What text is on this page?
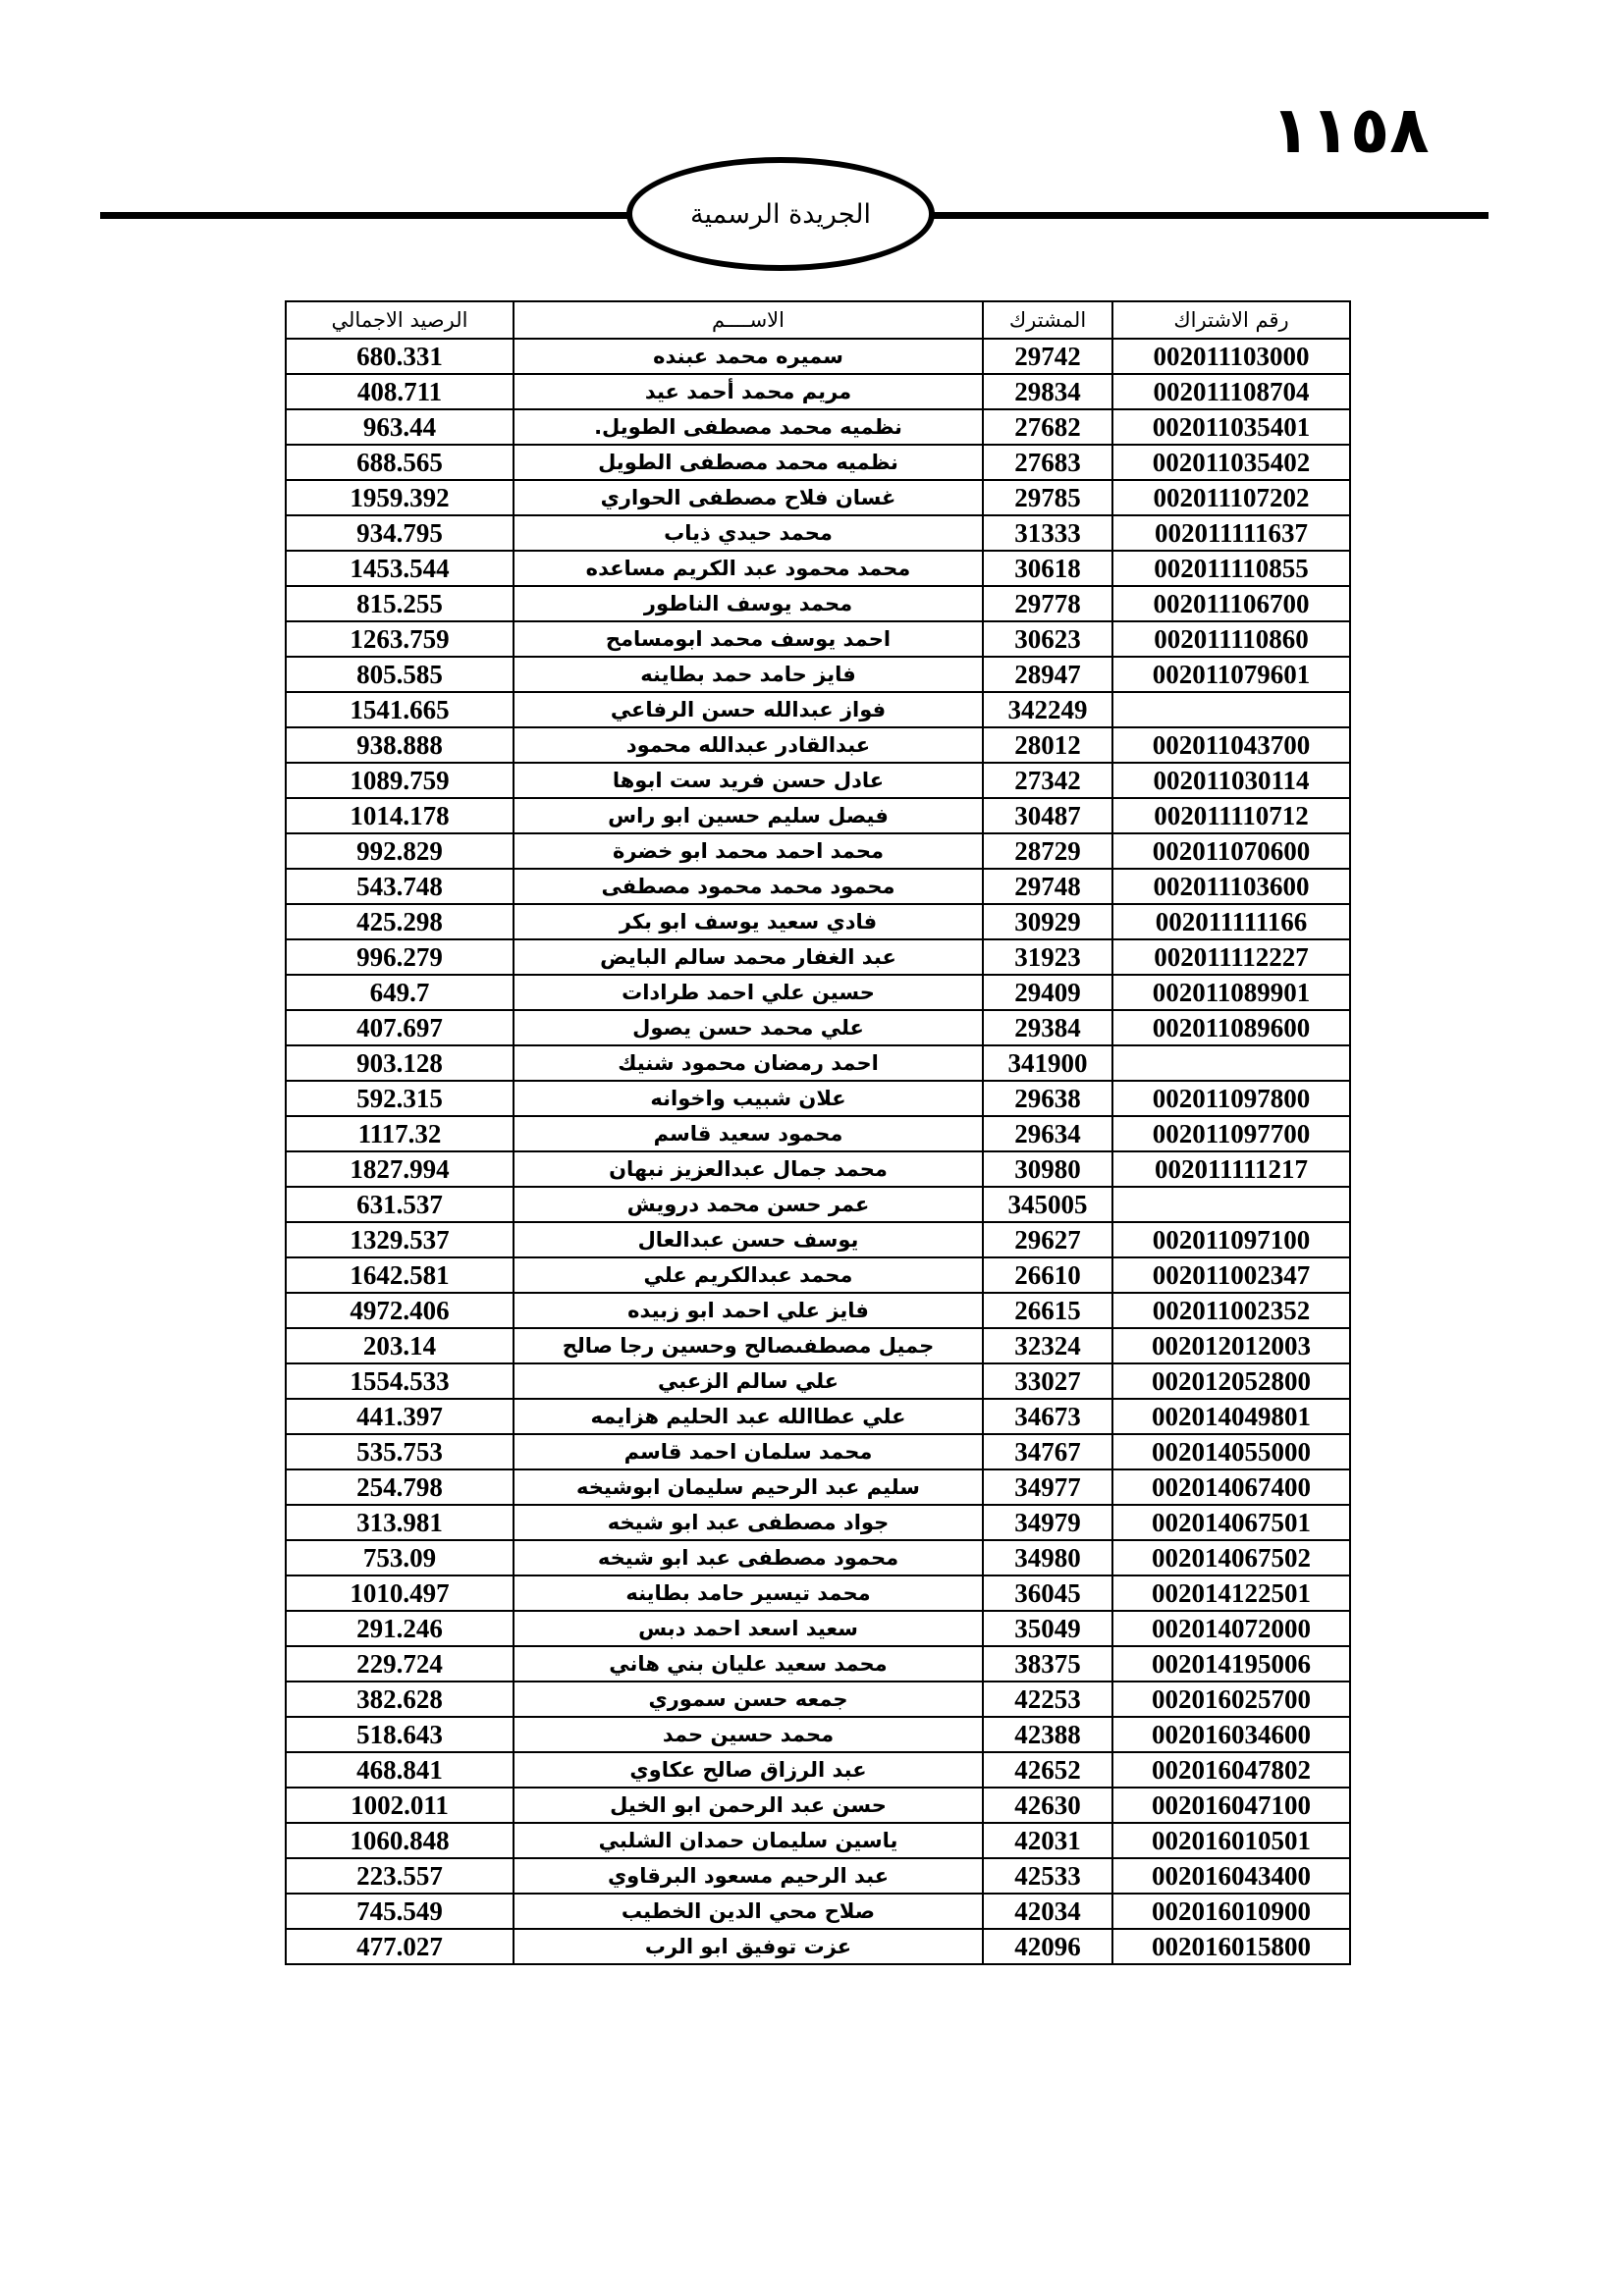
١١٥٨
الجريدة الرسمية
رقم الاشتراك	المشترك	الاســــم	الرصيد الاجمالي
002011103000	29742	سميره محمد عبنده	680.331
002011108704	29834	مريم محمد أحمد عيد	408.711
002011035401	27682	نظميه محمد مصطفى الطويل.	963.44
002011035402	27683	نظميه محمد مصطفى الطويل	688.565
002011107202	29785	غسان فلاح مصطفى الحواري	1959.392
002011111637	31333	محمد حيدي ذياب	934.795
002011110855	30618	محمد محمود عبد الكريم مساعده	1453.544
002011106700	29778	محمد يوسف الناطور	815.255
002011110860	30623	احمد يوسف محمد ابومسامح	1263.759
002011079601	28947	فايز حامد حمد بطاينه	805.585
	342249	فواز عبدالله حسن الرفاعي	1541.665
002011043700	28012	عبدالقادر عبدالله محمود	938.888
002011030114	27342	عادل حسن فريد ست ابوها	1089.759
002011110712	30487	فيصل سليم حسين ابو راس	1014.178
002011070600	28729	محمد احمد محمد ابو خضرة	992.829
002011103600	29748	محمود محمد محمود مصطفى	543.748
002011111166	30929	فادي سعيد يوسف ابو بكر	425.298
002011112227	31923	عبد الغفار محمد سالم البايض	996.279
002011089901	29409	حسين علي احمد طرادات	649.7
002011089600	29384	علي محمد حسن يصول	407.697
	341900	احمد رمضان محمود شنيك	903.128
002011097800	29638	علان شبيب واخوانه	592.315
002011097700	29634	محمود سعيد قاسم	1117.32
002011111217	30980	محمد جمال عبدالعزيز نبهان	1827.994
	345005	عمر حسن محمد درويش	631.537
002011097100	29627	يوسف حسن عبدالعال	1329.537
002011002347	26610	محمد عبدالكريم علي	1642.581
002011002352	26615	فايز علي احمد ابو زبيده	4972.406
002012012003	32324	جميل مصطفىصالح وحسين رجا صالح	203.14
002012052800	33027	علي سالم الزعبي	1554.533
002014049801	34673	علي عطاالله عبد الحليم هزايمه	441.397
002014055000	34767	محمد سلمان احمد قاسم	535.753
002014067400	34977	سليم عبد الرحيم سليمان ابوشيخه	254.798
002014067501	34979	جواد مصطفى عبد ابو شيخه	313.981
002014067502	34980	محمود مصطفى عبد ابو شيخه	753.09
002014122501	36045	محمد تيسير حامد بطاينه	1010.497
002014072000	35049	سعيد اسعد احمد دبس	291.246
002014195006	38375	محمد سعيد عليان بني هاني	229.724
002016025700	42253	جمعه حسن سموري	382.628
002016034600	42388	محمد حسين حمد	518.643
002016047802	42652	عبد الرزاق صالح عكاوي	468.841
002016047100	42630	حسن عبد الرحمن ابو الخيل	1002.011
002016010501	42031	ياسين سليمان حمدان الشلبي	1060.848
002016043400	42533	عبد الرحيم مسعود البرقاوي	223.557
002016010900	42034	صلاح محي الدين الخطيب	745.549
002016015800	42096	عزت توفيق ابو الرب	477.027
